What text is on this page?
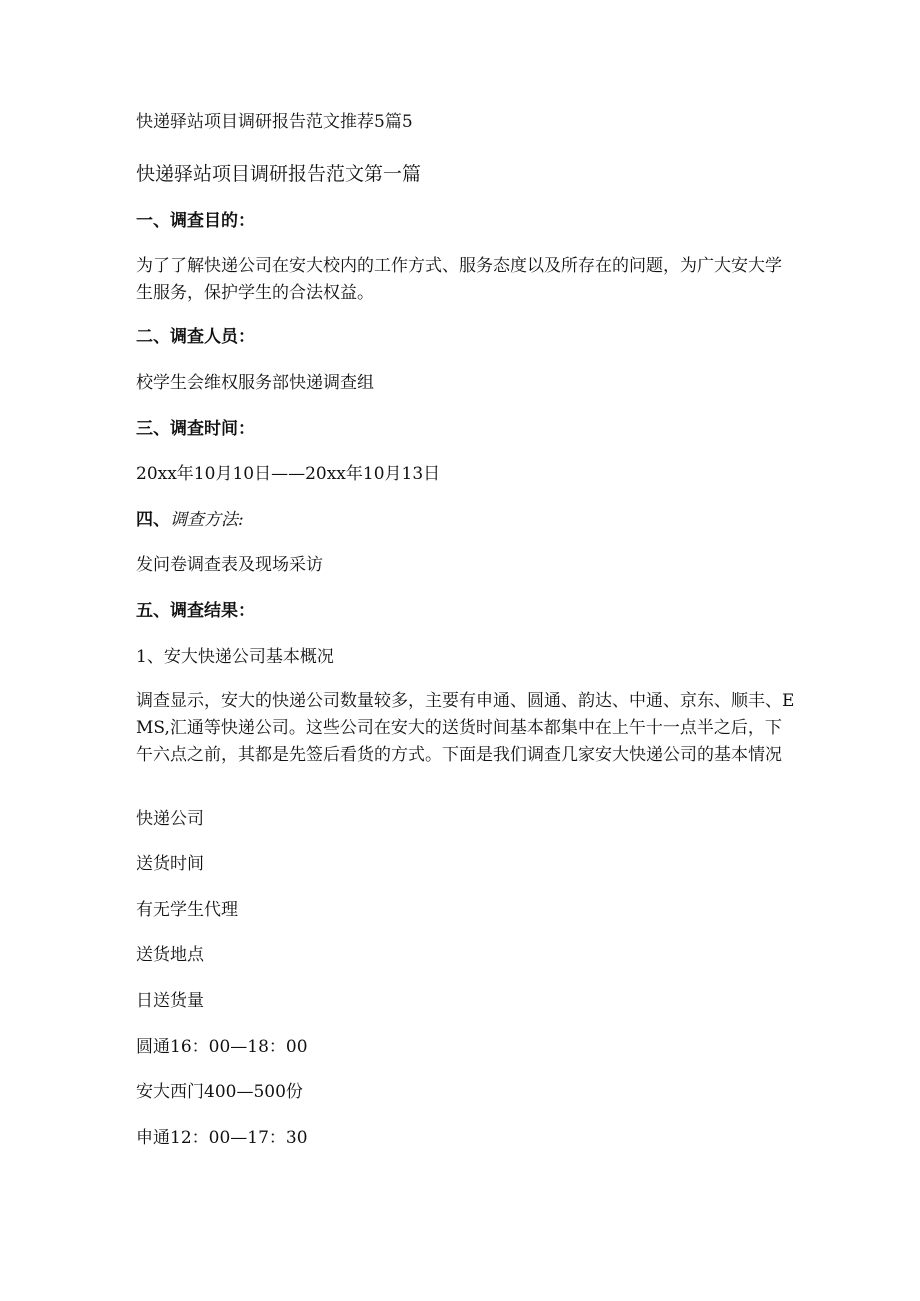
快递驿站项目调研报告范文推荐5篇5

快递驿站项目调研报告范文第一篇

一、调查目的：

为了了解快递公司在安大校内的工作方式、服务态度以及所存在的问题，为广大安大学生服务，保护学生的合法权益。

二、调查人员：

校学生会维权服务部快递调查组

三、调查时间：

20xx年10月10日——20xx年10月13日

四、调查方法:

发问卷调查表及现场采访

五、调查结果：

1、安大快递公司基本概况

调查显示，安大的快递公司数量较多，主要有申通、圆通、韵达、中通、京东、顺丰、EMS,汇通等快递公司。这些公司在安大的送货时间基本都集中在上午十一点半之后，下午六点之前，其都是先签后看货的方式。下面是我们调查几家安大快递公司的基本情况

快递公司

送货时间

有无学生代理

送货地点

日送货量

圆通16：00—18：00

安大西门400—500份

申通12：00—17：30
